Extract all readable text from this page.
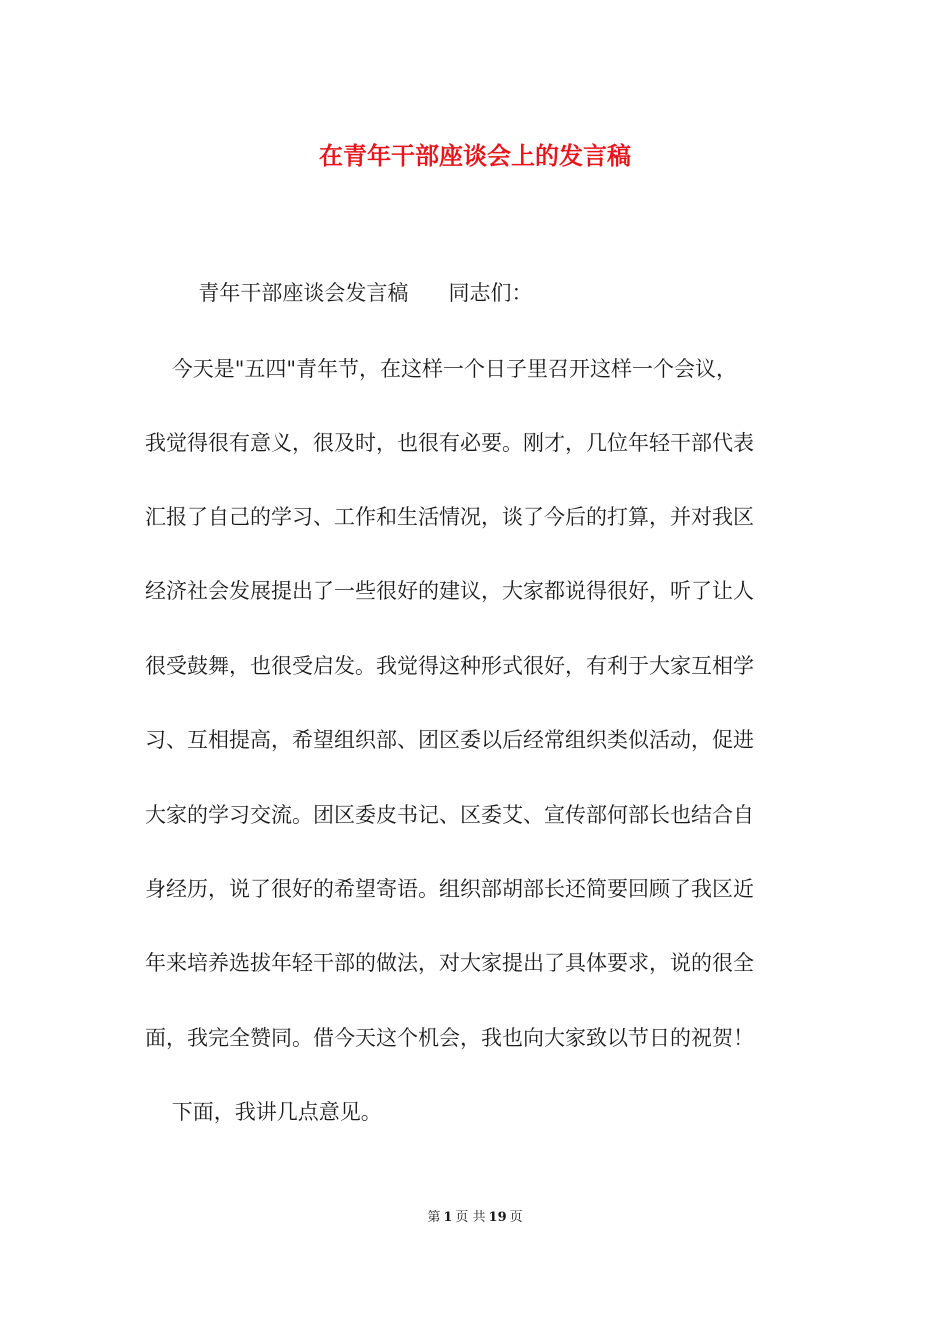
在青年干部座谈会上的发言稿

青年干部座谈会发言稿      同志们：

今天是"五四"青年节，在这样一个日子里召开这样一个会议，

我觉得很有意义，很及时，也很有必要。刚才，几位年轻干部代表

汇报了自己的学习、工作和生活情况，谈了今后的打算，并对我区

经济社会发展提出了一些很好的建议，大家都说得很好，听了让人

很受鼓舞，也很受启发。我觉得这种形式很好，有利于大家互相学

习、互相提高，希望组织部、团区委以后经常组织类似活动，促进

大家的学习交流。团区委皮书记、区委艾、宣传部何部长也结合自

身经历，说了很好的希望寄语。组织部胡部长还简要回顾了我区近

年来培养选拔年轻干部的做法，对大家提出了具体要求，说的很全

面，我完全赞同。借今天这个机会，我也向大家致以节日的祝贺！

下面，我讲几点意见。

第 1 页 共 19 页
